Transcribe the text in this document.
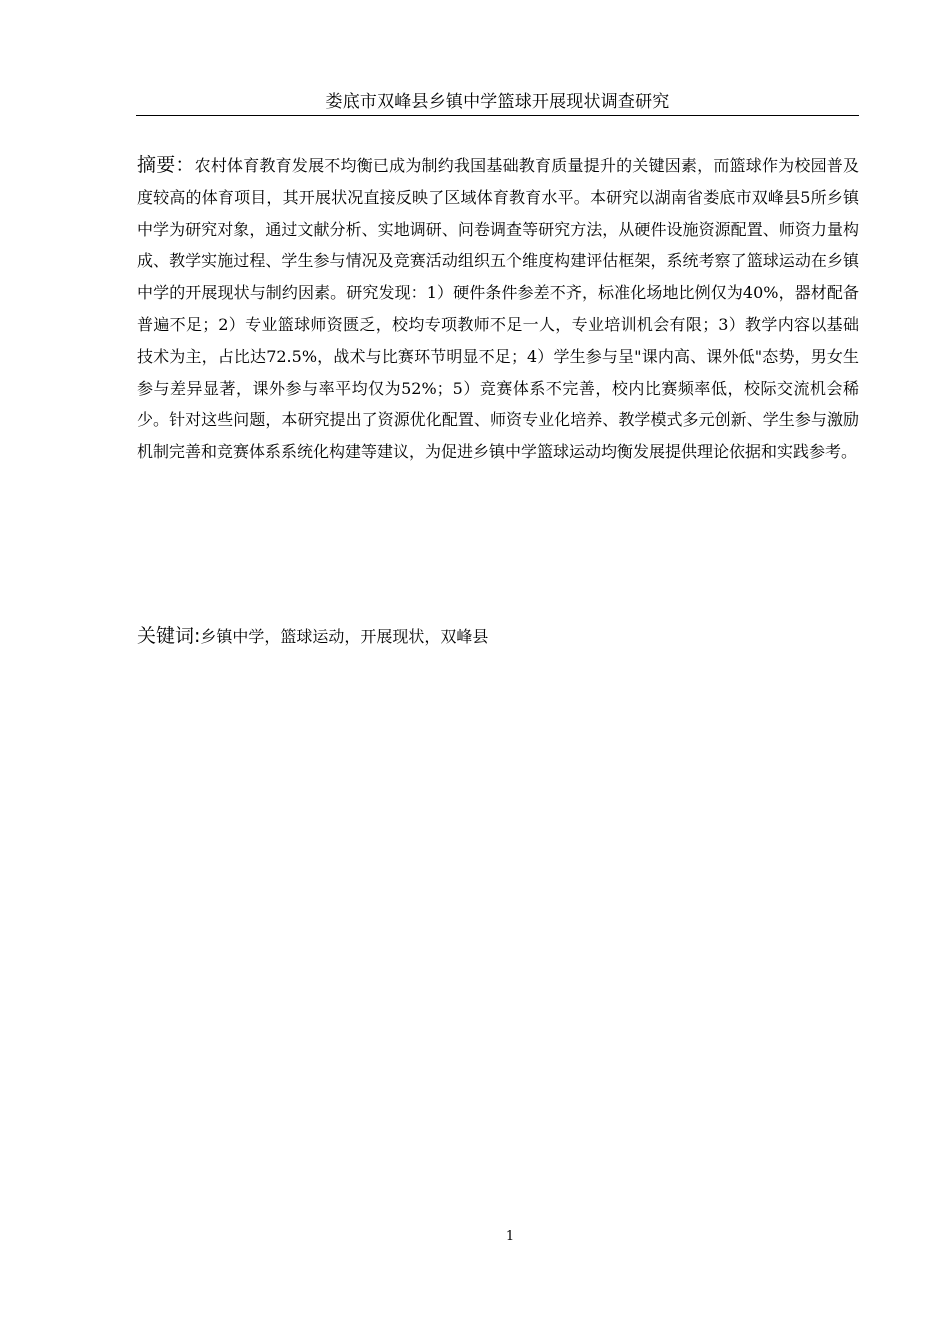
娄底市双峰县乡镇中学篮球开展现状调查研究

摘要：农村体育教育发展不均衡已成为制约我国基础教育质量提升的关键因素，而篮球作为校园普及度较高的体育项目，其开展状况直接反映了区域体育教育水平。本研究以湖南省娄底市双峰县5所乡镇中学为研究对象，通过文献分析、实地调研、问卷调查等研究方法，从硬件设施资源配置、师资力量构成、教学实施过程、学生参与情况及竞赛活动组织五个维度构建评估框架，系统考察了篮球运动在乡镇中学的开展现状与制约因素。研究发现：1）硬件条件参差不齐，标准化场地比例仅为40%，器材配备普遍不足；2）专业篮球师资匮乏，校均专项教师不足一人，专业培训机会有限；3）教学内容以基础技术为主，占比达72.5%，战术与比赛环节明显不足；4）学生参与呈"课内高、课外低"态势，男女生参与差异显著，课外参与率平均仅为52%；5）竞赛体系不完善，校内比赛频率低，校际交流机会稀少。针对这些问题，本研究提出了资源优化配置、师资专业化培养、教学模式多元创新、学生参与激励机制完善和竞赛体系系统化构建等建议，为促进乡镇中学篮球运动均衡发展提供理论依据和实践参考。

关键词:乡镇中学，篮球运动，开展现状，双峰县

1
